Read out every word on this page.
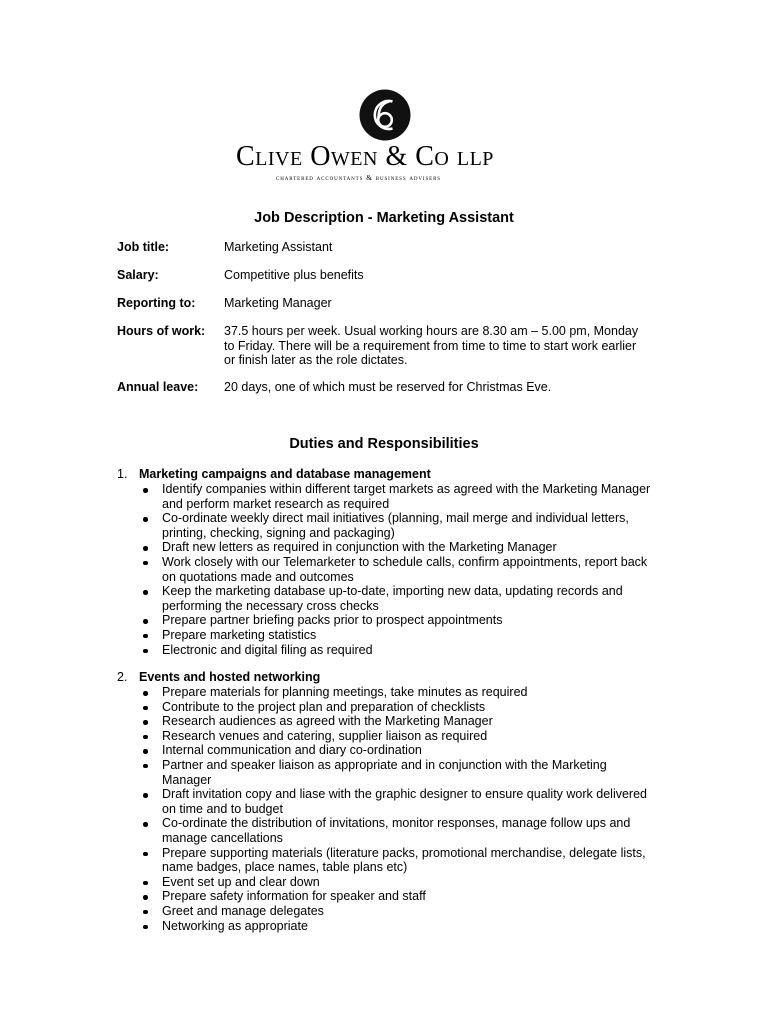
Clive Owen & Co llp
chartered accountants & business advisers
Job Description - Marketing Assistant
Job title:	Marketing Assistant
Salary:	Competitive plus benefits
Reporting to:	Marketing Manager
Hours of work:	37.5 hours per week. Usual working hours are 8.30 am – 5.00 pm, Monday to Friday. There will be a requirement from time to time to start work earlier or finish later as the role dictates.
Annual leave:	20 days, one of which must be reserved for Christmas Eve.
Duties and Responsibilities
1. Marketing campaigns and database management
Identify companies within different target markets as agreed with the Marketing Manager and perform market research as required
Co-ordinate weekly direct mail initiatives (planning, mail merge and individual letters, printing, checking, signing and packaging)
Draft new letters as required in conjunction with the Marketing Manager
Work closely with our Telemarketer to schedule calls, confirm appointments, report back on quotations made and outcomes
Keep the marketing database up-to-date, importing new data, updating records and performing the necessary cross checks
Prepare partner briefing packs prior to prospect appointments
Prepare marketing statistics
Electronic and digital filing as required
2. Events and hosted networking
Prepare materials for planning meetings, take minutes as required
Contribute to the project plan and preparation of checklists
Research audiences as agreed with the Marketing Manager
Research venues and catering, supplier liaison as required
Internal communication and diary co-ordination
Partner and speaker liaison as appropriate and in conjunction with the Marketing Manager
Draft invitation copy and liase with the graphic designer to ensure quality work delivered on time and to budget
Co-ordinate the distribution of invitations, monitor responses, manage follow ups and manage cancellations
Prepare supporting materials (literature packs, promotional merchandise, delegate lists, name badges, place names, table plans etc)
Event set up and clear down
Prepare safety information for speaker and staff
Greet and manage delegates
Networking as appropriate
